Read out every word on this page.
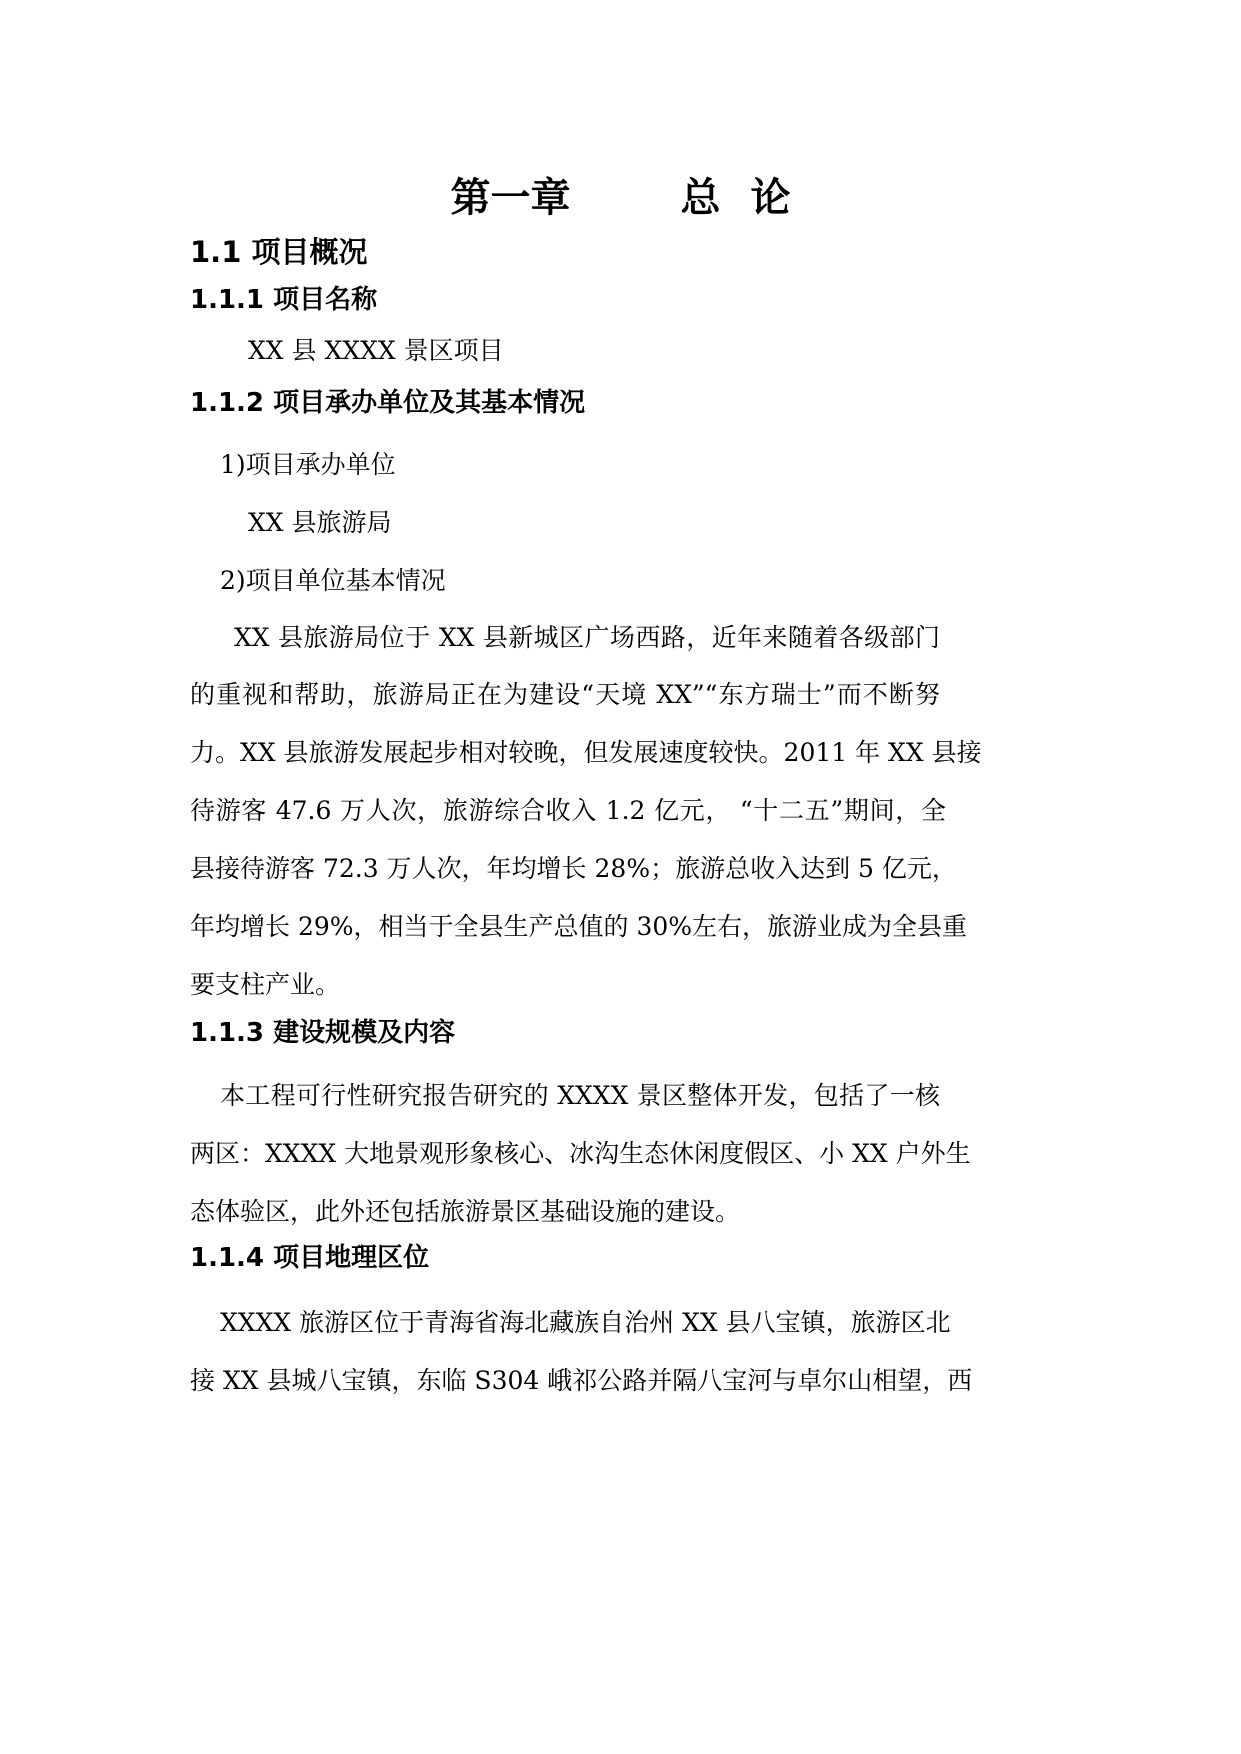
第一章	总 论
1.1 项目概况
1.1.1 项目名称
XX 县 XXXX 景区项目
1.1.2 项目承办单位及其基本情况
1)项目承办单位
XX 县旅游局
2)项目单位基本情况
XX 县旅游局位于 XX 县新城区广场西路，近年来随着各级部门
的重视和帮助，旅游局正在为建设“天境 XX”“东方瑞士”而不断努
力。XX 县旅游发展起步相对较晚，但发展速度较快。2011 年 XX 县接
待游客 47.6 万人次，旅游综合收入 1.2 亿元， “十二五”期间，全
县接待游客 72.3 万人次，年均增长 28%；旅游总收入达到 5 亿元，
年均增长 29%，相当于全县生产总值的 30%左右，旅游业成为全县重
要支柱产业。
1.1.3 建设规模及内容
本工程可行性研究报告研究的 XXXX 景区整体开发，包括了一核
两区：XXXX 大地景观形象核心、冰沟生态休闲度假区、小 XX 户外生
态体验区，此外还包括旅游景区基础设施的建设。
1.1.4 项目地理区位
XXXX 旅游区位于青海省海北藏族自治州 XX 县八宝镇，旅游区北
接 XX 县城八宝镇，东临 S304 峨祁公路并隔八宝河与卓尔山相望，西
